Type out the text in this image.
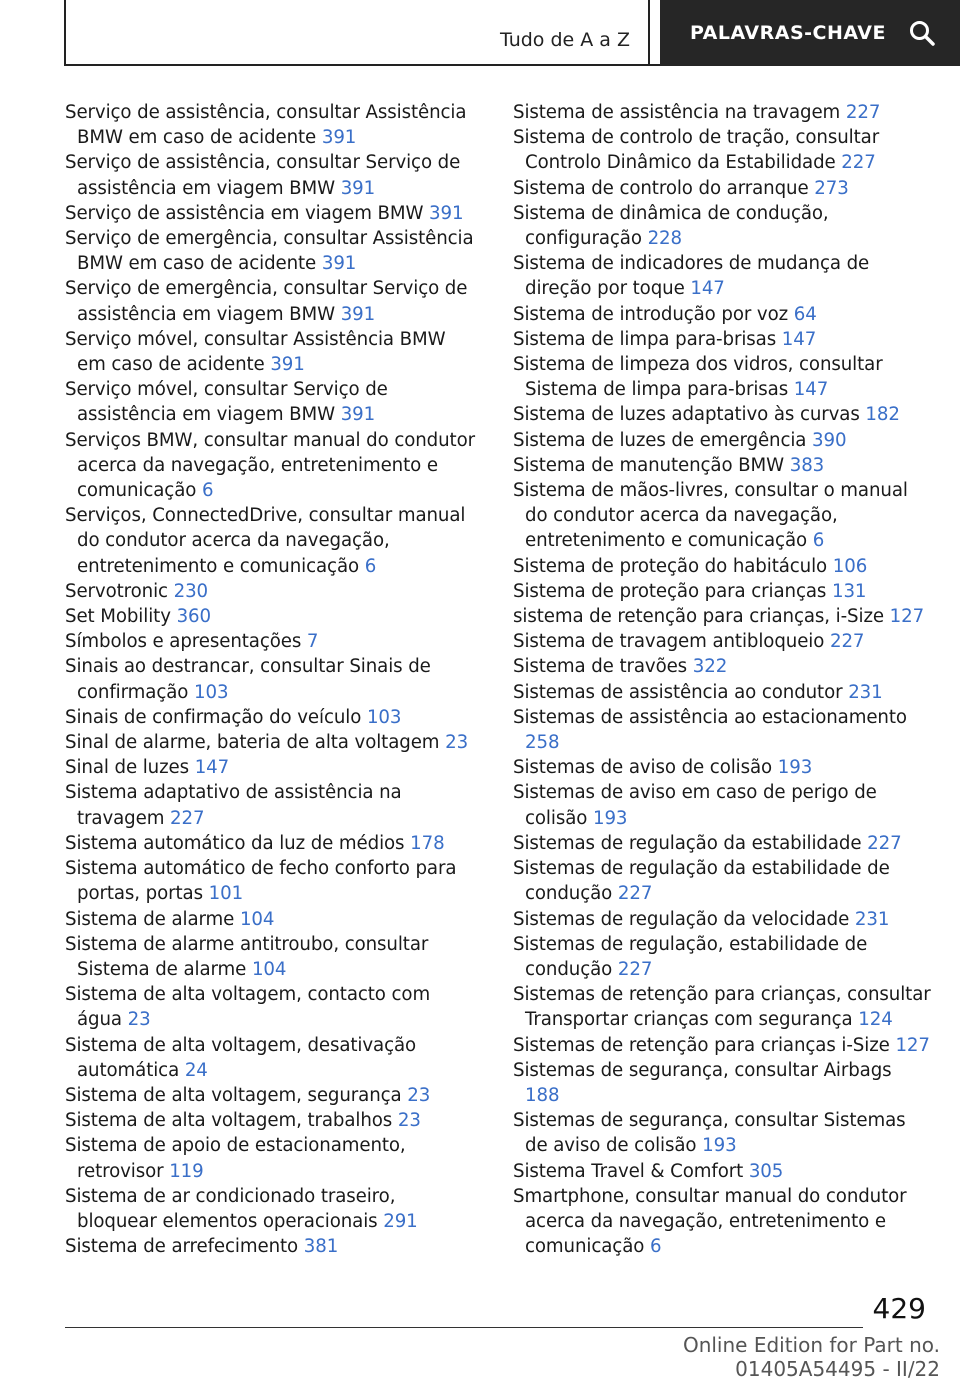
Tudo de A a Z	PALAVRAS-CHAVE
Serviço de assistência, consultar Assistência BMW em caso de acidente 391
Serviço de assistência, consultar Serviço de assistência em viagem BMW 391
Serviço de assistência em viagem BMW 391
Serviço de emergência, consultar Assistência BMW em caso de acidente 391
Serviço de emergência, consultar Serviço de assistência em viagem BMW 391
Serviço móvel, consultar Assistência BMW em caso de acidente 391
Serviço móvel, consultar Serviço de assistência em viagem BMW 391
Serviços BMW, consultar manual do condutor acerca da navegação, entretenimento e comunicação 6
Serviços, ConnectedDrive, consultar manual do condutor acerca da navegação, entretenimento e comunicação 6
Servotronic 230
Set Mobility 360
Símbolos e apresentações 7
Sinais ao destrancar, consultar Sinais de confirmação 103
Sinais de confirmação do veículo 103
Sinal de alarme, bateria de alta voltagem 23
Sinal de luzes 147
Sistema adaptativo de assistência na travagem 227
Sistema automático da luz de médios 178
Sistema automático de fecho conforto para portas, portas 101
Sistema de alarme 104
Sistema de alarme antitroubo, consultar Sistema de alarme 104
Sistema de alta voltagem, contacto com água 23
Sistema de alta voltagem, desativação automática 24
Sistema de alta voltagem, segurança 23
Sistema de alta voltagem, trabalhos 23
Sistema de apoio de estacionamento, retrovisor 119
Sistema de ar condicionado traseiro, bloquear elementos operacionais 291
Sistema de arrefecimento 381
Sistema de assistência na travagem 227
Sistema de controlo de tração, consultar Controlo Dinâmico da Estabilidade 227
Sistema de controlo do arranque 273
Sistema de dinâmica de condução, configuração 228
Sistema de indicadores de mudança de direção por toque 147
Sistema de introdução por voz 64
Sistema de limpa para-brisas 147
Sistema de limpeza dos vidros, consultar Sistema de limpa para-brisas 147
Sistema de luzes adaptativo às curvas 182
Sistema de luzes de emergência 390
Sistema de manutenção BMW 383
Sistema de mãos-livres, consultar o manual do condutor acerca da navegação, entretenimento e comunicação 6
Sistema de proteção do habitáculo 106
Sistema de proteção para crianças 131
sistema de retenção para crianças, i-Size 127
Sistema de travagem antibloqueio 227
Sistema de travões 322
Sistemas de assistência ao condutor 231
Sistemas de assistência ao estacionamento 258
Sistemas de aviso de colisão 193
Sistemas de aviso em caso de perigo de colisão 193
Sistemas de regulação da estabilidade 227
Sistemas de regulação da estabilidade de condução 227
Sistemas de regulação da velocidade 231
Sistemas de regulação, estabilidade de condução 227
Sistemas de retenção para crianças, consultar Transportar crianças com segurança 124
Sistemas de retenção para crianças i-Size 127
Sistemas de segurança, consultar Airbags 188
Sistemas de segurança, consultar Sistemas de aviso de colisão 193
Sistema Travel & Comfort 305
Smartphone, consultar manual do condutor acerca da navegação, entretenimento e comunicação 6
429
Online Edition for Part no. 01405A54495 - II/22
